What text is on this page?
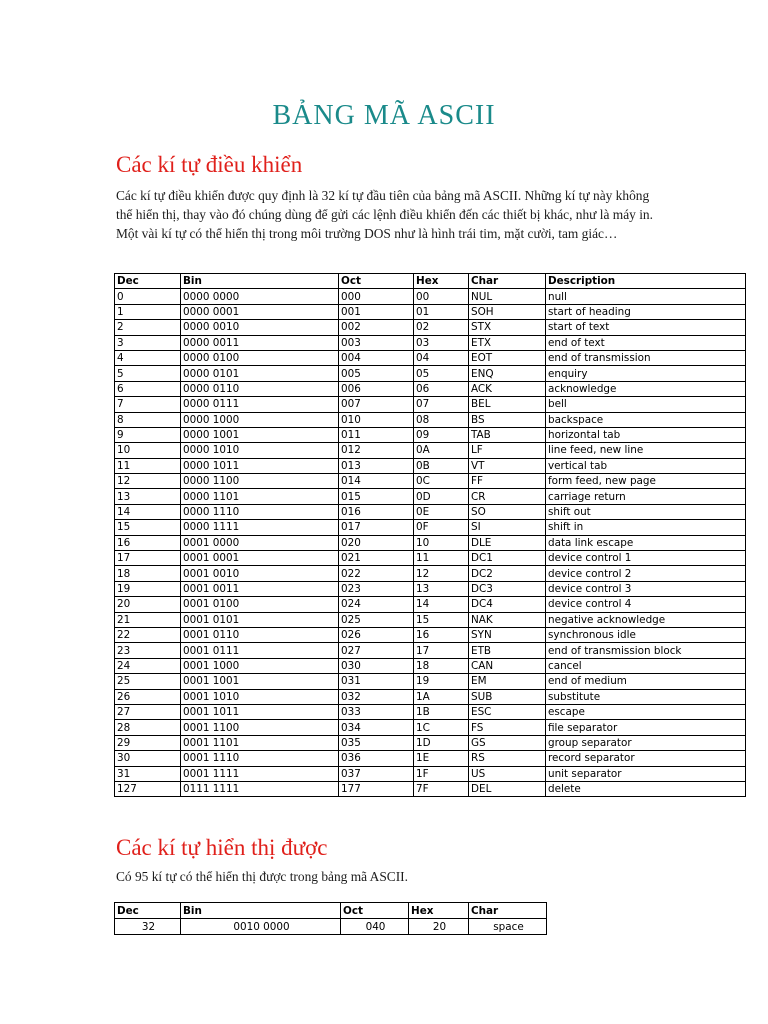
BẢNG MÃ ASCII
Các kí tự điều khiển
Các kí tự điều khiển được quy định là 32 kí tự đầu tiên của bảng mã ASCII. Những kí tự này không thể hiển thị, thay vào đó chúng dùng để gửi các lệnh điều khiển đến các thiết bị khác, như là máy in. Một vài kí tự có thể hiển thị trong môi trường DOS như là hình trái tim, mặt cười, tam giác…
Dec	Bin	Oct	Hex	Char	Description
0	0000 0000	000	00	NUL	null
1	0000 0001	001	01	SOH	start of heading
2	0000 0010	002	02	STX	start of text
3	0000 0011	003	03	ETX	end of text
4	0000 0100	004	04	EOT	end of transmission
5	0000 0101	005	05	ENQ	enquiry
6	0000 0110	006	06	ACK	acknowledge
7	0000 0111	007	07	BEL	bell
8	0000 1000	010	08	BS	backspace
9	0000 1001	011	09	TAB	horizontal tab
10	0000 1010	012	0A	LF	line feed, new line
11	0000 1011	013	0B	VT	vertical tab
12	0000 1100	014	0C	FF	form feed, new page
13	0000 1101	015	0D	CR	carriage return
14	0000 1110	016	0E	SO	shift out
15	0000 1111	017	0F	SI	shift in
16	0001 0000	020	10	DLE	data link escape
17	0001 0001	021	11	DC1	device control 1
18	0001 0010	022	12	DC2	device control 2
19	0001 0011	023	13	DC3	device control 3
20	0001 0100	024	14	DC4	device control 4
21	0001 0101	025	15	NAK	negative acknowledge
22	0001 0110	026	16	SYN	synchronous idle
23	0001 0111	027	17	ETB	end of transmission block
24	0001 1000	030	18	CAN	cancel
25	0001 1001	031	19	EM	end of medium
26	0001 1010	032	1A	SUB	substitute
27	0001 1011	033	1B	ESC	escape
28	0001 1100	034	1C	FS	file separator
29	0001 1101	035	1D	GS	group separator
30	0001 1110	036	1E	RS	record separator
31	0001 1111	037	1F	US	unit separator
127	0111 1111	177	7F	DEL	delete
Các kí tự hiển thị được
Có 95 kí tự có thể hiển thị được trong bảng mã ASCII.
Dec	Bin	Oct	Hex	Char
32	0010 0000	040	20	space
